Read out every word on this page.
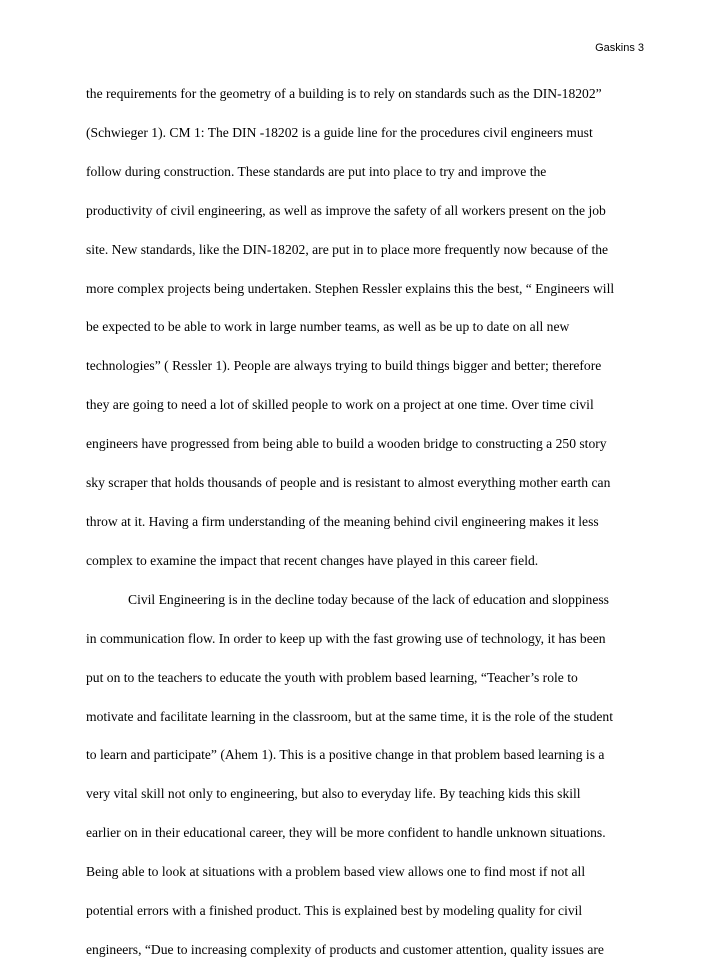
Gaskins 3
the requirements for the geometry of a building is to rely on standards such as the DIN-18202”
(Schwieger 1). CM 1: The DIN -18202 is a guide line for the procedures civil engineers must
follow during construction. These standards are put into place to try and improve the
productivity of civil engineering, as well as improve the safety of all workers present on the job
site. New standards, like the DIN-18202, are put in to place more frequently now because of the
more complex projects being undertaken. Stephen Ressler explains this the best, “ Engineers will
be expected to be able to work in large number teams, as well as be up to date on all new
technologies” ( Ressler 1). People are always trying to build things bigger and better; therefore
they are going to need a lot of skilled people to work on a project at one time. Over time civil
engineers have progressed from being able to build a wooden bridge to constructing a 250 story
sky scraper that holds thousands of people and is resistant to almost everything mother earth can
throw at it. Having a firm understanding of the meaning behind civil engineering makes it less
complex to examine the impact that recent changes have played in this career field.
Civil Engineering is in the decline today because of the lack of education and sloppiness
in communication flow. In order to keep up with the fast growing use of technology, it has been
put on to the teachers to educate the youth with problem based learning, “Teacher’s role to
motivate and facilitate learning in the classroom, but at the same time, it is the role of the student
to learn and participate” (Ahem 1). This is a positive change in that problem based learning is a
very vital skill not only to engineering, but also to everyday life. By teaching kids this skill
earlier on in their educational career, they will be more confident to handle unknown situations.
Being able to look at situations with a problem based view allows one to find most if not all
potential errors with a finished product. This is explained best by modeling quality for civil
engineers, “Due to increasing complexity of products and customer attention, quality issues are
